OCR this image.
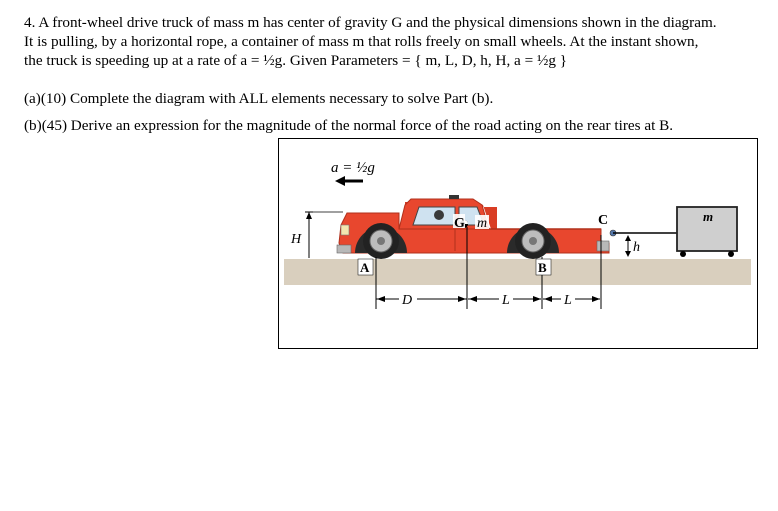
4. A front-wheel drive truck of mass m has center of gravity G and the physical dimensions shown in the diagram.
It is pulling, by a horizontal rope, a container of mass m that rolls freely on small wheels. At the instant shown,
the truck is speeding up at a rate of a = ½g. Given Parameters = { m, L, D, h, H, a = ½g }
(a)(10) Complete the diagram with ALL elements necessary to solve Part (b).
(b)(45) Derive an expression for the magnitude of the normal force of the road acting on the rear tires at B.
a = ½g
G m	C	m
H
h
A	B
D	L	L
